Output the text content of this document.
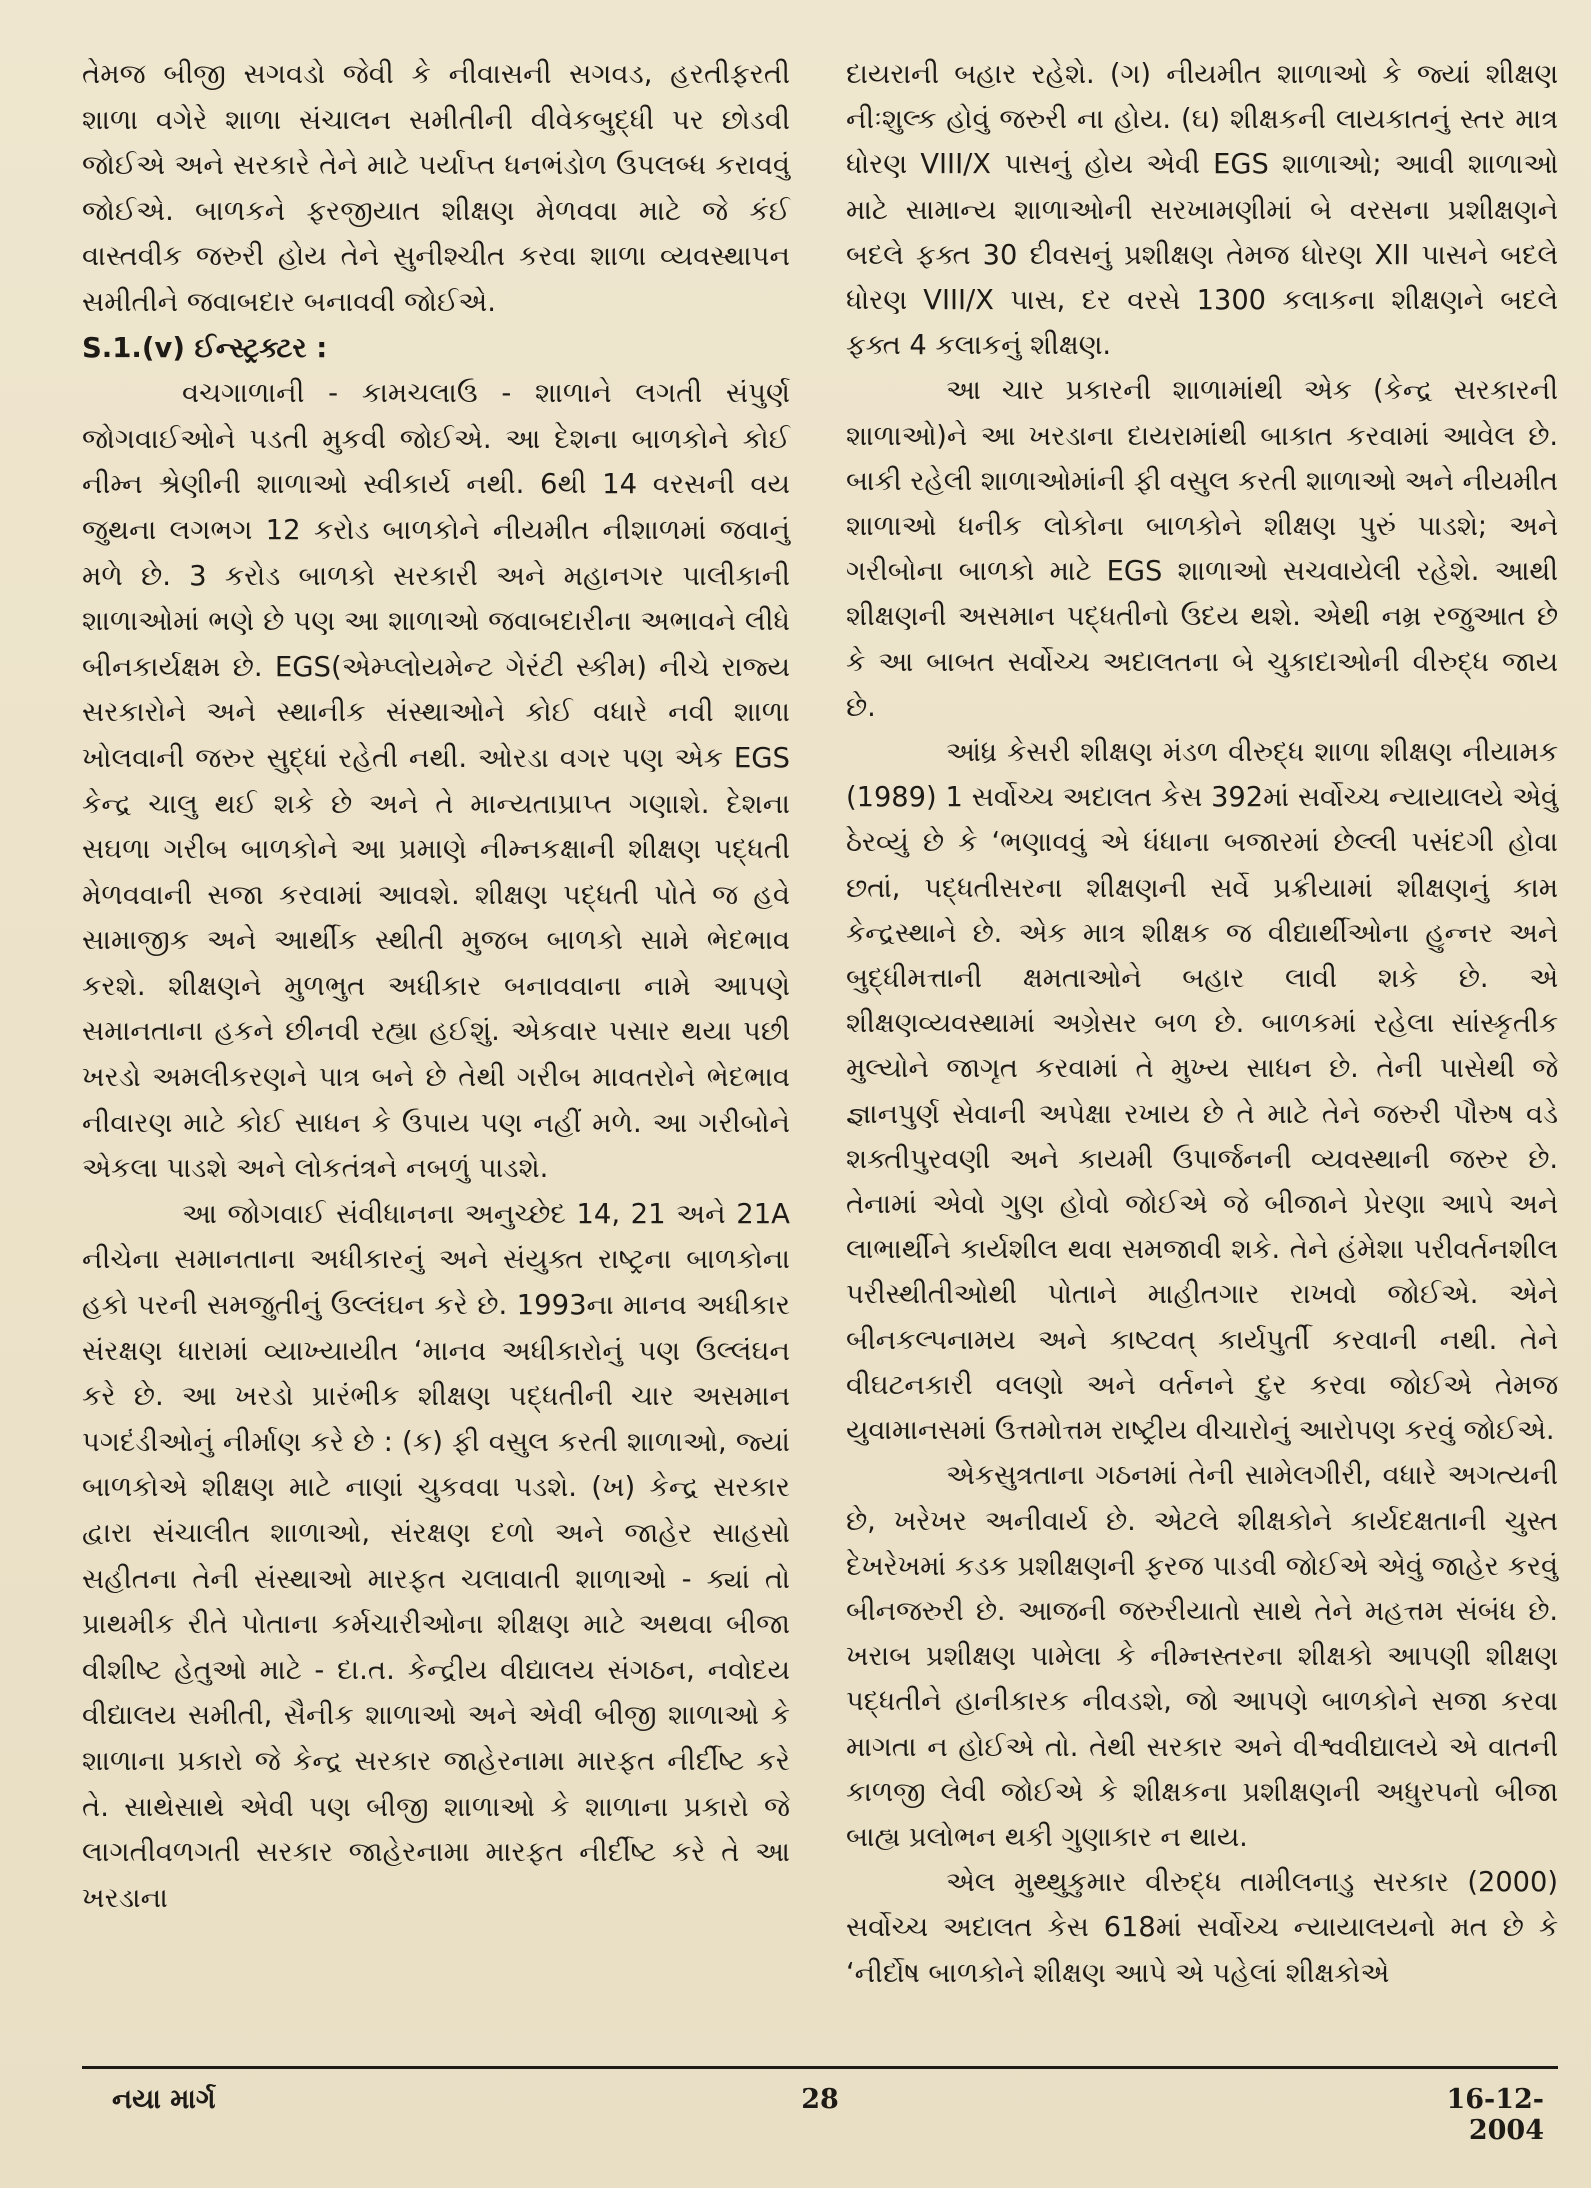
તેમજ બીજી સગવડો જેવી કે નીવાસની સગવડ, હરતીફરતી શાળા વગેરે શાળા સંચાલન સમીતીની વીવેકબુદ્ધી પર છોડવી જોઈએ અને સરકારે તેને માટે પર્યાપ્ત ધનભંડોળ ઉપલબ્ધ કરાવવું જોઈએ. બાળકને ફરજીયાત શીક્ષણ મેળવવા માટે જે કંઈ વાસ્તવીક જરુરી હોય તેને સુનીશ્ચીત કરવા શાળા વ્યવસ્થાપન સમીતીને જવાબદાર બનાવવી જોઈએ.

S.1.(v) ઈન્સ્ટ્રક્ટર :

વચગાળાની - કામચલાઉ - શાળાને લગતી સંપુર્ણ જોગવાઈઓને પડતી મુકવી જોઈએ. આ દેશના બાળકોને કોઈ નીમ્ન શ્રેણીની શાળાઓ સ્વીકાર્ય નથી. 6થી 14 વરસની વય જુથના લગભગ 12 કરોડ બાળકોને નીયમીત નીશાળમાં જવાનું મળે છે. 3 કરોડ બાળકો સરકારી અને મહાનગર પાલીકાની શાળાઓમાં ભણે છે પણ આ શાળાઓ જવાબદારીના અભાવને લીધે બીનકાર્યક્ષમ છે. EGS(એમ્પ્લોયમેન્ટ ગેરંટી સ્કીમ) નીચે રાજ્ય સરકારોને અને સ્થાનીક સંસ્થાઓને કોઈ વધારે નવી શાળા ખોલવાની જરુર સુદ્ધાં રહેતી નથી. ઓરડા વગર પણ એક EGS કેન્દ્ર ચાલુ થઈ શકે છે અને તે માન્યતાપ્રાપ્ત ગણાશે. દેશના સઘળા ગરીબ બાળકોને આ પ્રમાણે નીમ્નકક્ષાની શીક્ષણ પદ્ધતી મેળવવાની સજા કરવામાં આવશે. શીક્ષણ પદ્ધતી પોતે જ હવે સામાજીક અને આર્થીક સ્થીતી મુજબ બાળકો સામે ભેદભાવ કરશે. શીક્ષણને મુળભુત અધીકાર બનાવવાના નામે આપણે સમાનતાના હકને છીનવી રહ્યા હઈશું. એકવાર પસાર થયા પછી ખરડો અમલીકરણને પાત્ર બને છે તેથી ગરીબ માવતરોને ભેદભાવ નીવારણ માટે કોઈ સાધન કે ઉપાય પણ નહીં મળે. આ ગરીબોને એકલા પાડશે અને લોકતંત્રને નબળું પાડશે.

આ જોગવાઈ સંવીધાનના અનુચ્છેદ 14, 21 અને 21A નીચેના સમાનતાના અધીકારનું અને સંયુક્ત રાષ્ટ્રના બાળકોના હકો પરની સમજુતીનું ઉલ્લંઘન કરે છે. 1993ના માનવ અધીકાર સંરક્ષણ ધારામાં વ્યાખ્યાયીત ‘માનવ અધીકારોનું પણ ઉલ્લંઘન કરે છે. આ ખરડો પ્રારંભીક શીક્ષણ પદ્ધતીની ચાર અસમાન પગદંડીઓનું નીર્માણ કરે છે : (ક) ફી વસુલ કરતી શાળાઓ, જ્યાં બાળકોએ શીક્ષણ માટે નાણાં ચુકવવા પડશે. (ખ) કેન્દ્ર સરકાર દ્વારા સંચાલીત શાળાઓ, સંરક્ષણ દળો અને જાહેર સાહસો સહીતના તેની સંસ્થાઓ મારફત ચલાવાતી શાળાઓ - ક્યાં તો પ્રાથમીક રીતે પોતાના કર્મચારીઓના શીક્ષણ માટે અથવા બીજા વીશીષ્ટ હેતુઓ માટે - દા.ત. કેન્દ્રીય વીદ્યાલય સંગઠન, નવોદય વીદ્યાલય સમીતી, સૈનીક શાળાઓ અને એવી બીજી શાળાઓ કે શાળાના પ્રકારો જે કેન્દ્ર સરકાર જાહેરનામા મારફત નીર્દીષ્ટ કરે તે. સાથેસાથે એવી પણ બીજી શાળાઓ કે શાળાના પ્રકારો જે લાગતીવળગતી સરકાર જાહેરનામા મારફત નીર્દીષ્ટ કરે તે આ ખરડાના

દાયરાની બહાર રહેશે. (ગ) નીયમીત શાળાઓ કે જ્યાં શીક્ષણ નીઃશુલ્ક હોવું જરુરી ના હોય. (ઘ) શીક્ષકની લાયકાતનું સ્તર માત્ર ધોરણ VIII/X પાસનું હોય એવી EGS શાળાઓ; આવી શાળાઓ માટે સામાન્ય શાળાઓની સરખામણીમાં બે વરસના પ્રશીક્ષણને બદલે ફક્ત 30 દીવસનું પ્રશીક્ષણ તેમજ ધોરણ XII પાસને બદલે ધોરણ VIII/X પાસ, દર વરસે 1300 કલાકના શીક્ષણને બદલે ફક્ત 4 કલાકનું શીક્ષણ.

આ ચાર પ્રકારની શાળામાંથી એક (કેન્દ્ર સરકારની શાળાઓ)ને આ ખરડાના દાયરામાંથી બાકાત કરવામાં આવેલ છે. બાકી રહેલી શાળાઓમાંની ફી વસુલ કરતી શાળાઓ અને નીયમીત શાળાઓ ધનીક લોકોના બાળકોને શીક્ષણ પુરું પાડશે; અને ગરીબોના બાળકો માટે EGS શાળાઓ સચવાયેલી રહેશે. આથી શીક્ષણની અસમાન પદ્ધતીનો ઉદય થશે. એથી નમ્ર રજુઆત છે કે આ બાબત સર્વોચ્ચ અદાલતના બે ચુકાદાઓની વીરુદ્ધ જાય છે.

આંધ્ર કેસરી શીક્ષણ મંડળ વીરુદ્ધ શાળા શીક્ષણ નીયામક (1989) 1 સર્વોચ્ચ અદાલત કેસ 392માં સર્વોચ્ચ ન્યાયાલયે એવું ઠેરવ્યું છે કે ‘ભણાવવું એ ધંધાના બજારમાં છેલ્લી પસંદગી હોવા છતાં, પદ્ધતીસરના શીક્ષણની સર્વે પ્રક્રીયામાં શીક્ષણનું કામ કેન્દ્રસ્થાને છે. એક માત્ર શીક્ષક જ વીદ્યાર્થીઓના હુન્નર અને બુદ્ધીમત્તાની ક્ષમતાઓને બહાર લાવી શકે છે. એ શીક્ષણવ્યવસ્થામાં અગ્રેસર બળ છે. બાળકમાં રહેલા સાંસ્કૃતીક મુલ્યોને જાગૃત કરવામાં તે મુખ્ય સાધન છે. તેની પાસેથી જે જ્ઞાનપુર્ણ સેવાની અપેક્ષા રખાય છે તે માટે તેને જરુરી પૌરુષ વડે શક્તીપુરવણી અને કાયમી ઉપાર્જનની વ્યવસ્થાની જરુર છે. તેનામાં એવો ગુણ હોવો જોઈએ જે બીજાને પ્રેરણા આપે અને લાભાર્થીને કાર્યશીલ થવા સમજાવી શકે. તેને હંમેશા પરીવર્તનશીલ પરીસ્થીતીઓથી પોતાને માહીતગાર રાખવો જોઈએ. એને બીનકલ્પનામય અને કાષ્ટવત્ કાર્યપુર્તી કરવાની નથી. તેને વીઘટનકારી વલણો અને વર્તનને દુર કરવા જોઈએ તેમજ યુવામાનસમાં ઉત્તમોત્તમ રાષ્ટ્રીય વીચારોનું આરોપણ કરવું જોઈએ.

એકસુત્રતાના ગઠનમાં તેની સામેલગીરી, વધારે અગત્યની છે, ખરેખર અનીવાર્ય છે. એટલે શીક્ષકોને કાર્યદક્ષતાની ચુસ્ત દેખરેખમાં કડક પ્રશીક્ષણની ફરજ પાડવી જોઈએ એવું જાહેર કરવું બીનજરુરી છે. આજની જરુરીયાતો સાથે તેને મહત્તમ સંબંધ છે. ખરાબ પ્રશીક્ષણ પામેલા કે નીમ્નસ્તરના શીક્ષકો આપણી શીક્ષણ પદ્ધતીને હાનીકારક નીવડશે, જો આપણે બાળકોને સજા કરવા માગતા ન હોઈએ તો. તેથી સરકાર અને વીશ્વવીદ્યાલયે એ વાતની કાળજી લેવી જોઈએ કે શીક્ષકના પ્રશીક્ષણની અધુરપનો બીજા બાહ્ય પ્રલોભન થકી ગુણાકાર ન થાય.

એલ મુથ્થુકુમાર વીરુદ્ધ તામીલનાડુ સરકાર (2000) સર્વોચ્ચ અદાલત કેસ 618માં સર્વોચ્ચ ન્યાયાલયનો મત છે કે ‘નીર્દોષ બાળકોને શીક્ષણ આપે એ પહેલાં શીક્ષકોએ

નયા માર્ગ	28	16-12-2004
